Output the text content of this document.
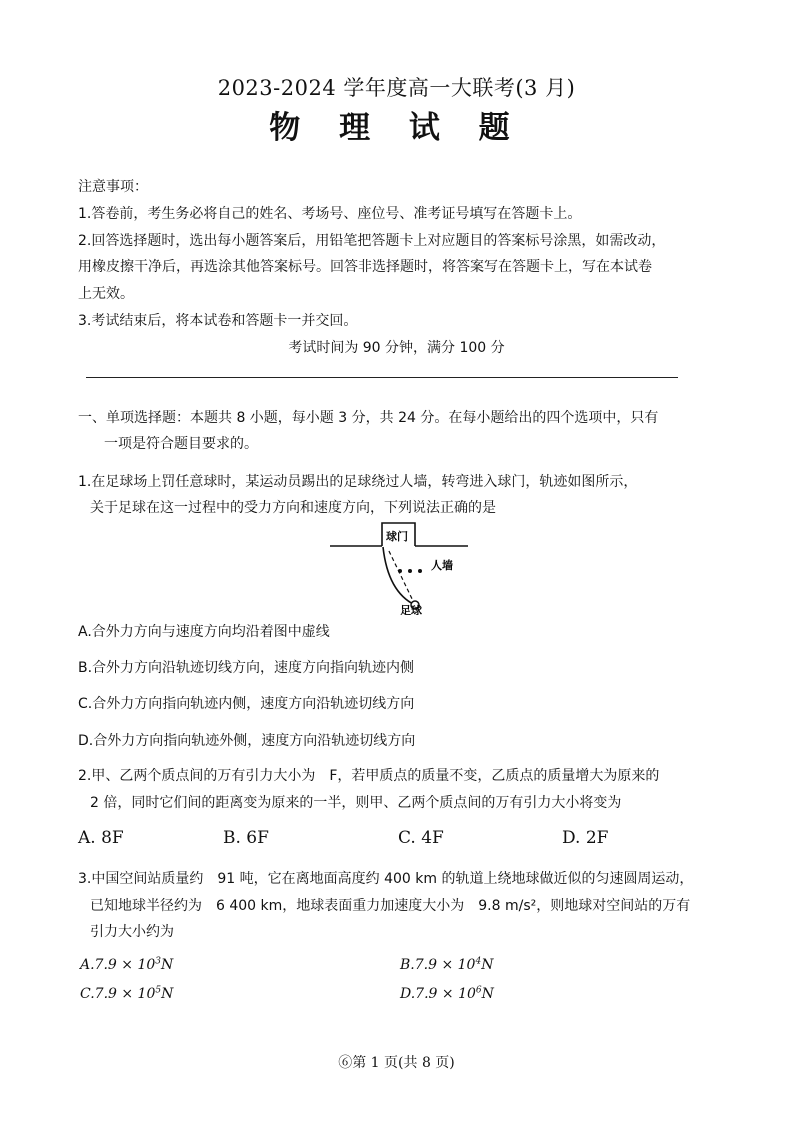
2023-2024 学年度高一大联考(3 月)
物 理 试 题
注意事项：
1.答卷前，考生务必将自己的姓名、考场号、座位号、准考证号填写在答题卡上。
2.回答选择题时，选出每小题答案后，用铅笔把答题卡上对应题目的答案标号涂黑，如需改动，
用橡皮擦干净后，再选涂其他答案标号。回答非选择题时，将答案写在答题卡上，写在本试卷
上无效。
3.考试结束后，将本试卷和答题卡一并交回。
考试时间为 90 分钟，满分 100 分
一、单项选择题：本题共 8 小题，每小题 3 分，共 24 分。在每小题给出的四个选项中，只有
一项是符合题目要求的。
1.在足球场上罚任意球时，某运动员踢出的足球绕过人墙，转弯进入球门，轨迹如图所示，
关于足球在这一过程中的受力方向和速度方向，下列说法正确的是
球门
人墙
足球
A.合外力方向与速度方向均沿着图中虚线
B.合外力方向沿轨迹切线方向，速度方向指向轨迹内侧
C.合外力方向指向轨迹内侧，速度方向沿轨迹切线方向
D.合外力方向指向轨迹外侧，速度方向沿轨迹切线方向
2.甲、乙两个质点间的万有引力大小为　F，若甲质点的质量不变，乙质点的质量增大为原来的
2 倍，同时它们间的距离变为原来的一半，则甲、乙两个质点间的万有引力大小将变为
A. 8F	B. 6F	C. 4F	D. 2F
3.中国空间站质量约　91 吨，它在离地面高度约 400 km 的轨道上绕地球做近似的匀速圆周运动，
已知地球半径约为　6 400 km，地球表面重力加速度大小为　9.8 m/s²，则地球对空间站的万有
引力大小约为
$A.7.9 \times 10^3N$	$B.7.9 \times 10^4N$
$C.7.9 \times 10^5N$	$D.7.9 \times 10^6N$
⑥第 1 页(共 8 页)
